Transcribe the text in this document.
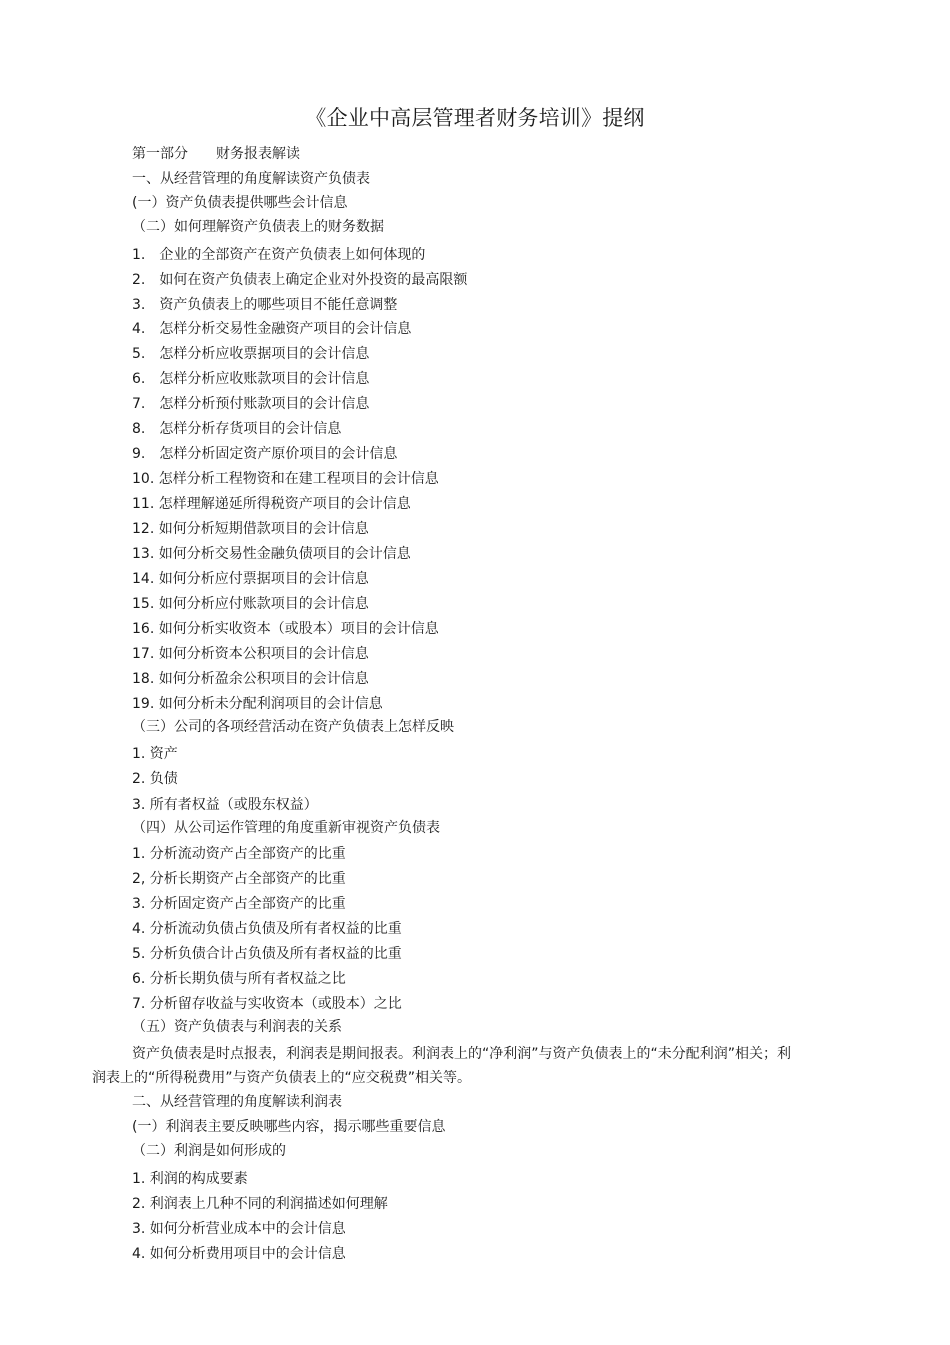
《企业中高层管理者财务培训》提纲
第一部分　　财务报表解读
一、从经营管理的角度解读资产负债表
(一）资产负债表提供哪些会计信息
（二）如何理解资产负债表上的财务数据
1.　企业的全部资产在资产负债表上如何体现的
2.　如何在资产负债表上确定企业对外投资的最高限额
3.　资产负债表上的哪些项目不能任意调整
4.　怎样分析交易性金融资产项目的会计信息
5.　怎样分析应收票据项目的会计信息
6.　怎样分析应收账款项目的会计信息
7.　怎样分析预付账款项目的会计信息
8.　怎样分析存货项目的会计信息
9.　怎样分析固定资产原价项目的会计信息
10. 怎样分析工程物资和在建工程项目的会计信息
11. 怎样理解递延所得税资产项目的会计信息
12. 如何分析短期借款项目的会计信息
13. 如何分析交易性金融负债项目的会计信息
14. 如何分析应付票据项目的会计信息
15. 如何分析应付账款项目的会计信息
16. 如何分析实收资本（或股本）项目的会计信息
17. 如何分析资本公积项目的会计信息
18. 如何分析盈余公积项目的会计信息
19. 如何分析未分配利润项目的会计信息
（三）公司的各项经营活动在资产负债表上怎样反映
1. 资产
2. 负债
3. 所有者权益（或股东权益）
（四）从公司运作管理的角度重新审视资产负债表
1. 分析流动资产占全部资产的比重
2, 分析长期资产占全部资产的比重
3. 分析固定资产占全部资产的比重
4. 分析流动负债占负债及所有者权益的比重
5. 分析负债合计占负债及所有者权益的比重
6. 分析长期负债与所有者权益之比
7. 分析留存收益与实收资本（或股本）之比
（五）资产负债表与利润表的关系
资产负债表是时点报表，利润表是期间报表。利润表上的“净利润”与资产负债表上的“未分配利润”相关；利润表上的“所得税费用”与资产负债表上的“应交税费”相关等。
二、从经营管理的角度解读利润表
(一）利润表主要反映哪些内容，揭示哪些重要信息
（二）利润是如何形成的
1. 利润的构成要素
2. 利润表上几种不同的利润描述如何理解
3. 如何分析营业成本中的会计信息
4. 如何分析费用项目中的会计信息
